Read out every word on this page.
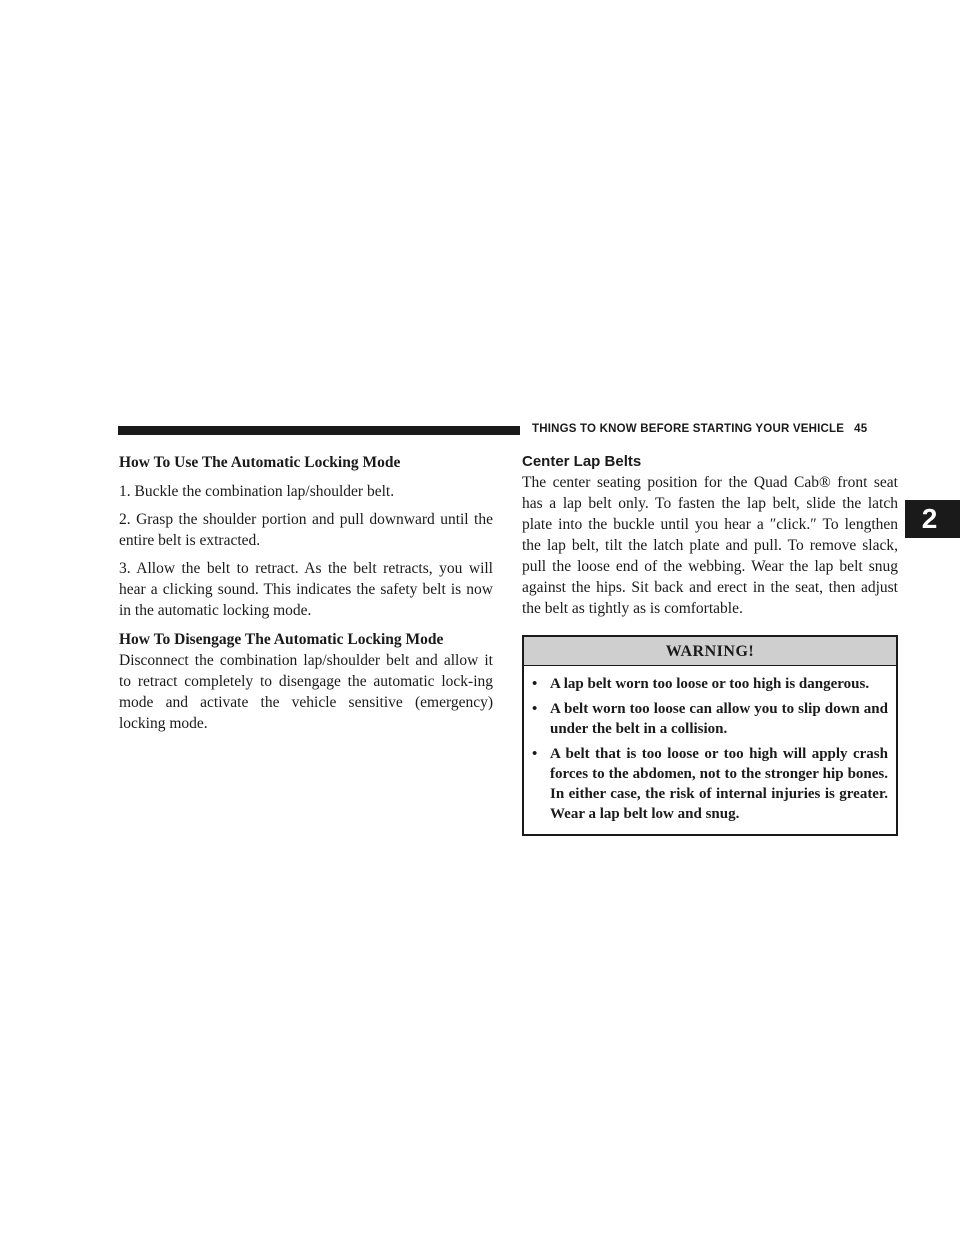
THINGS TO KNOW BEFORE STARTING YOUR VEHICLE 45
2

How To Use The Automatic Locking Mode

1. Buckle the combination lap/shoulder belt.

2. Grasp the shoulder portion and pull downward until the entire belt is extracted.

3. Allow the belt to retract. As the belt retracts, you will hear a clicking sound. This indicates the safety belt is now in the automatic locking mode.

How To Disengage The Automatic Locking Mode

Disconnect the combination lap/shoulder belt and allow it to retract completely to disengage the automatic lock-ing mode and activate the vehicle sensitive (emergency) locking mode.

Center Lap Belts

The center seating position for the Quad Cab® front seat has a lap belt only. To fasten the lap belt, slide the latch plate into the buckle until you hear a ″click.″ To lengthen the lap belt, tilt the latch plate and pull. To remove slack, pull the loose end of the webbing. Wear the lap belt snug against the hips. Sit back and erect in the seat, then adjust the belt as tightly as is comfortable.

WARNING!
• A lap belt worn too loose or too high is dangerous.
• A belt worn too loose can allow you to slip down and under the belt in a collision.
• A belt that is too loose or too high will apply crash forces to the abdomen, not to the stronger hip bones. In either case, the risk of internal injuries is greater. Wear a lap belt low and snug.
